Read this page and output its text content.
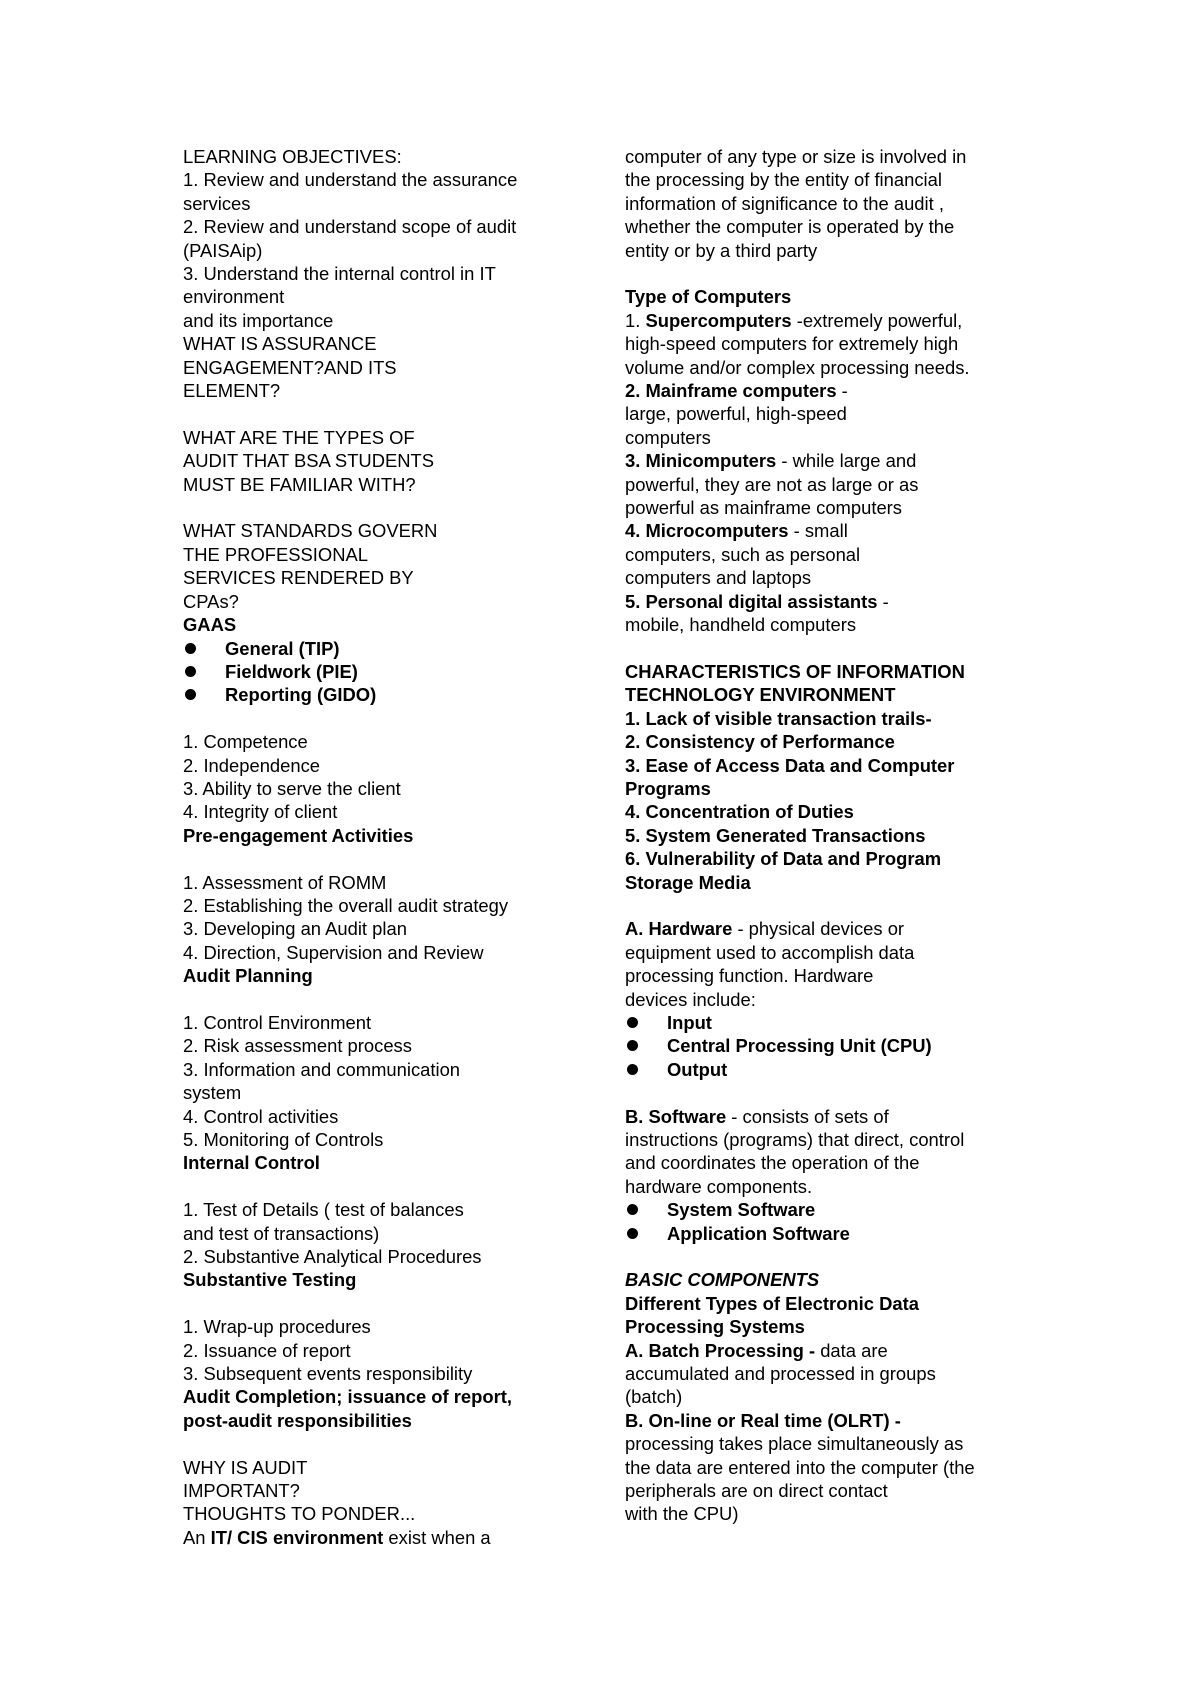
LEARNING OBJECTIVES:
1. Review and understand the assurance
services
2. Review and understand scope of audit
(PAISAip)
3. Understand the internal control in IT
environment
and its importance
WHAT IS ASSURANCE
ENGAGEMENT?AND ITS
ELEMENT?
WHAT ARE THE TYPES OF
AUDIT THAT BSA STUDENTS
MUST BE FAMILIAR WITH?
WHAT STANDARDS GOVERN
THE PROFESSIONAL
SERVICES RENDERED BY
CPAs?
GAAS
General (TIP)
Fieldwork (PIE)
Reporting (GIDO)
1. Competence
2. Independence
3. Ability to serve the client
4. Integrity of client
Pre-engagement Activities
1. Assessment of ROMM
2. Establishing the overall audit strategy
3. Developing an Audit plan
4. Direction, Supervision and Review
Audit Planning
1. Control Environment
2. Risk assessment process
3. Information and communication
system
4. Control activities
5. Monitoring of Controls
Internal Control
1. Test of Details ( test of balances
and test of transactions)
2. Substantive Analytical Procedures
Substantive Testing
1. Wrap-up procedures
2. Issuance of report
3. Subsequent events responsibility
Audit Completion; issuance of report,
post-audit responsibilities
WHY IS AUDIT
IMPORTANT?
THOUGHTS TO PONDER...
An IT/ CIS environment exist when a
computer of any type or size is involved in
the processing by the entity of financial
information of significance to the audit ,
whether the computer is operated by the
entity or by a third party
Type of Computers
1. Supercomputers -extremely powerful,
high-speed computers for extremely high
volume and/or complex processing needs.
2. Mainframe computers -
large, powerful, high-speed
computers
3. Minicomputers - while large and
powerful, they are not as large or as
powerful as mainframe computers
4. Microcomputers - small
computers, such as personal
computers and laptops
5. Personal digital assistants -
mobile, handheld computers
CHARACTERISTICS OF INFORMATION
TECHNOLOGY ENVIRONMENT
1. Lack of visible transaction trails-
2. Consistency of Performance
3. Ease of Access Data and Computer
Programs
4. Concentration of Duties
5. System Generated Transactions
6. Vulnerability of Data and Program
Storage Media
A. Hardware - physical devices or
equipment used to accomplish data
processing function. Hardware
devices include:
Input
Central Processing Unit (CPU)
Output
B. Software - consists of sets of
instructions (programs) that direct, control
and coordinates the operation of the
hardware components.
System Software
Application Software
BASIC COMPONENTS
Different Types of Electronic Data
Processing Systems
A. Batch Processing - data are
accumulated and processed in groups
(batch)
B. On-line or Real time (OLRT) -
processing takes place simultaneously as
the data are entered into the computer (the
peripherals are on direct contact
with the CPU)
